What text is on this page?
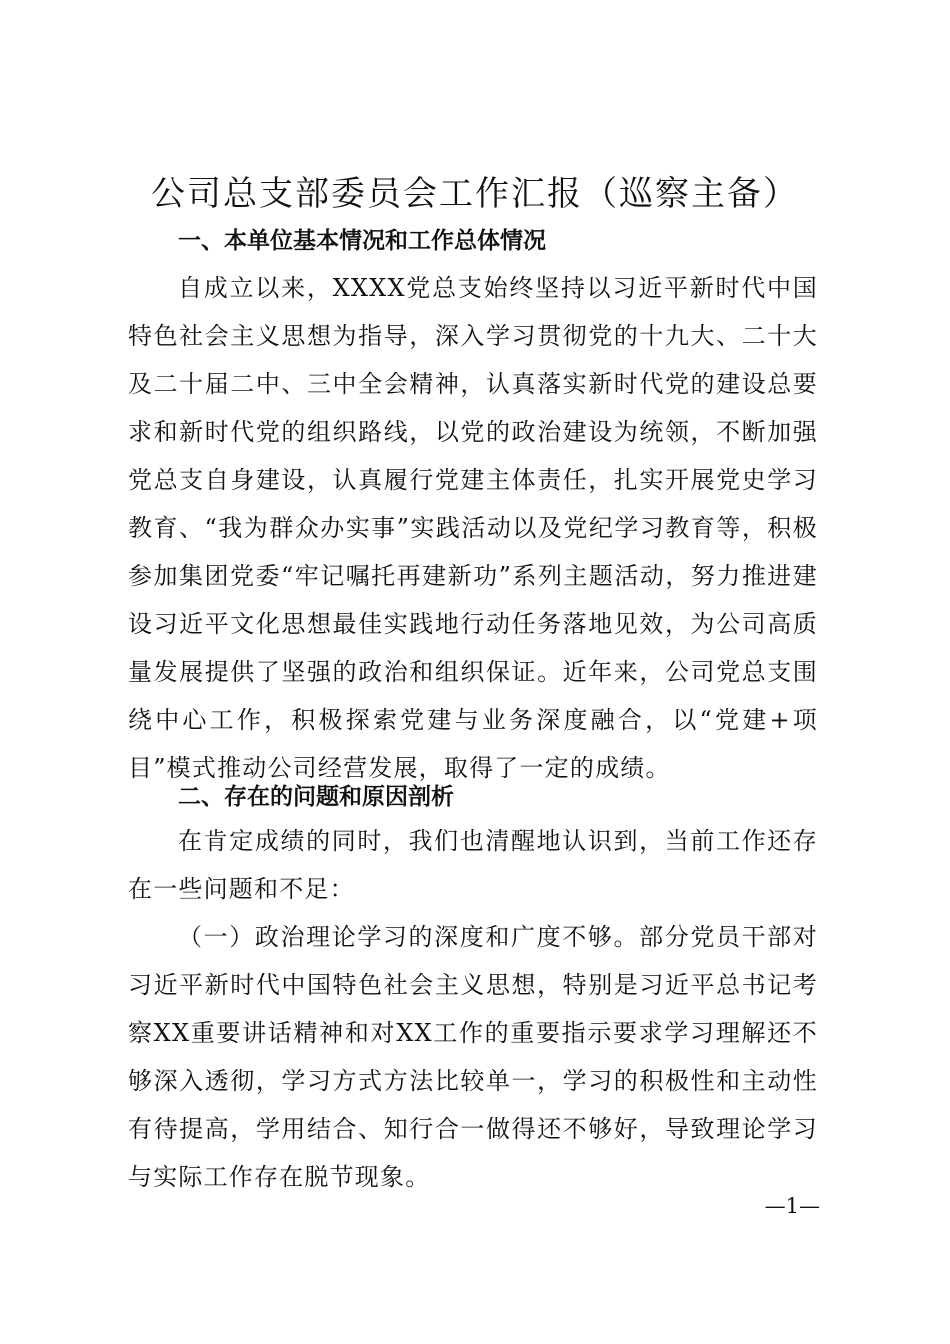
公司总支部委员会工作汇报（巡察主备）
一、本单位基本情况和工作总体情况
自成立以来，XXXX党总支始终坚持以习近平新时代中国特色社会主义思想为指导，深入学习贯彻党的十九大、二十大及二十届二中、三中全会精神，认真落实新时代党的建设总要求和新时代党的组织路线，以党的政治建设为统领，不断加强党总支自身建设，认真履行党建主体责任，扎实开展党史学习教育、“我为群众办实事”实践活动以及党纪学习教育等，积极参加集团党委“牢记嘱托再建新功”系列主题活动，努力推进建设习近平文化思想最佳实践地行动任务落地见效，为公司高质量发展提供了坚强的政治和组织保证。近年来，公司党总支围绕中心工作，积极探索党建与业务深度融合，以“党建+项目”模式推动公司经营发展，取得了一定的成绩。
二、存在的问题和原因剖析
在肯定成绩的同时，我们也清醒地认识到，当前工作还存在一些问题和不足：
（一）政治理论学习的深度和广度不够。部分党员干部对习近平新时代中国特色社会主义思想，特别是习近平总书记考察XX重要讲话精神和对XX工作的重要指示要求学习理解还不够深入透彻，学习方式方法比较单一，学习的积极性和主动性有待提高，学用结合、知行合一做得还不够好，导致理论学习与实际工作存在脱节现象。
—1—
